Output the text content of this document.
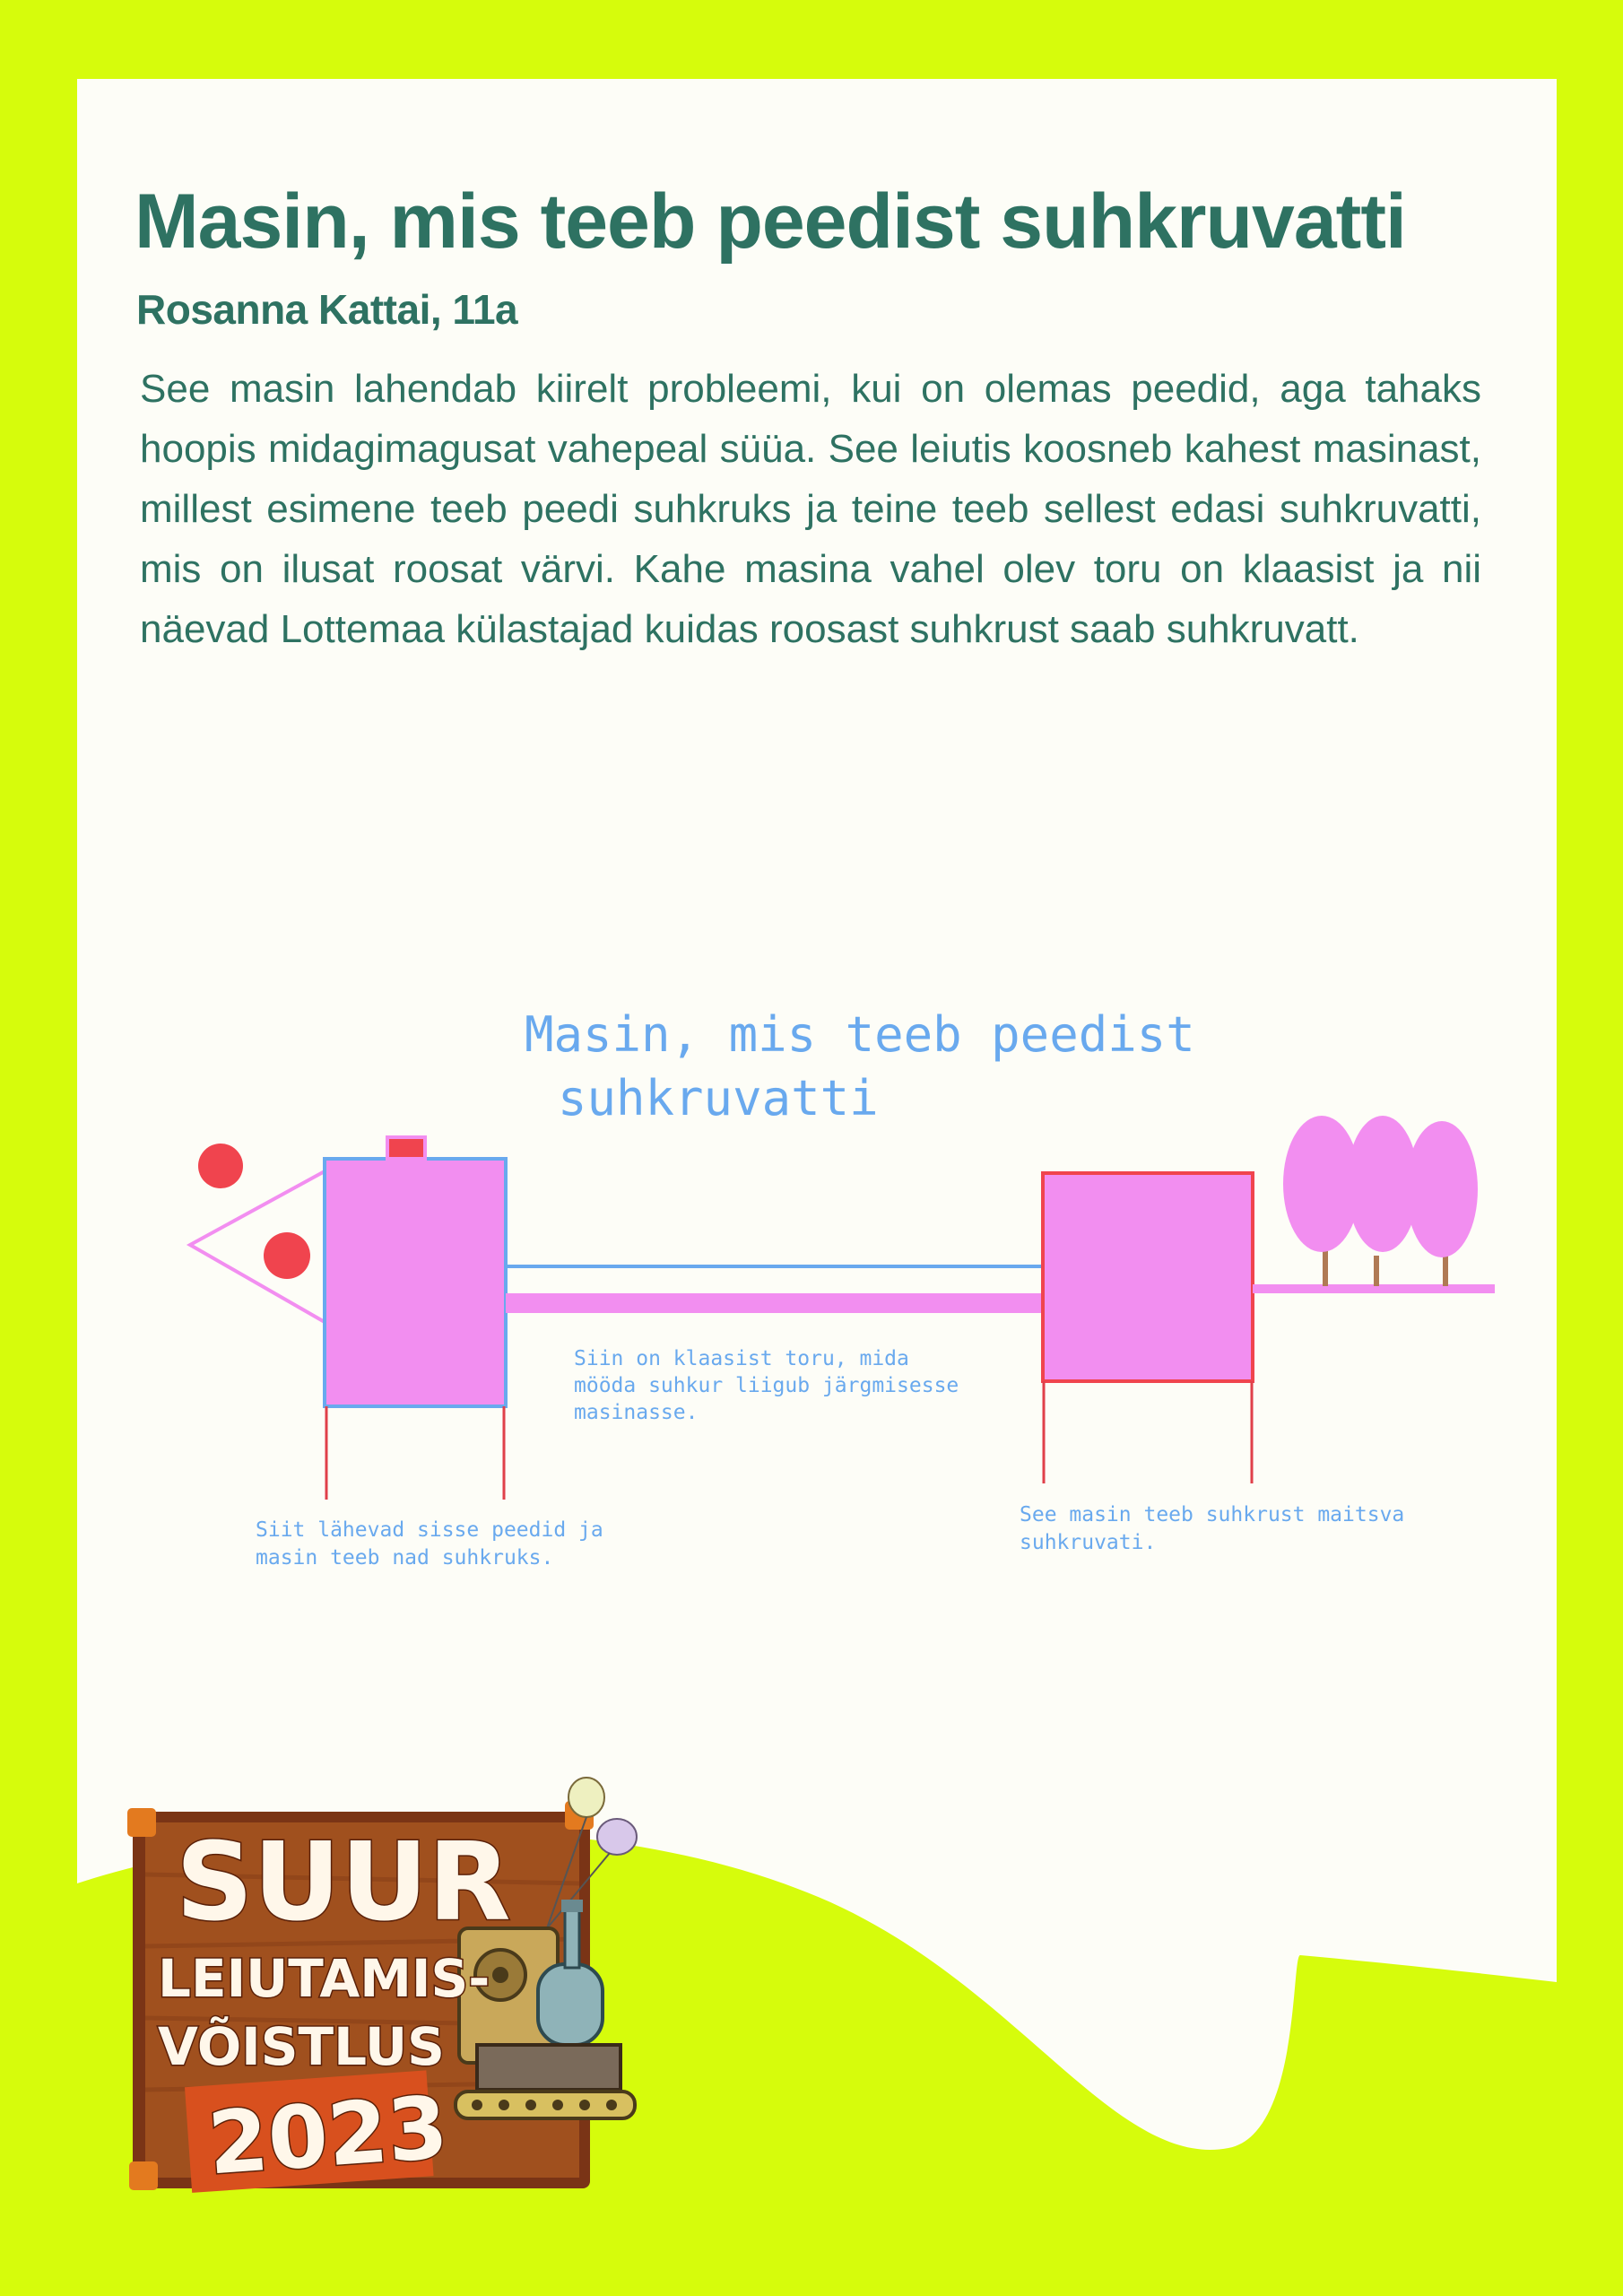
Masin, mis teeb peedist suhkruvatti
Rosanna Kattai, 11a

See masin lahendab kiirelt probleemi, kui on olemas peedid, aga tahaks hoopis midagimagusat vahepeal süüa. See leiutis koosneb kahest masinast, millest esimene teeb peedi suhkruks ja teine teeb sellest edasi suhkruvatti, mis on ilusat roosat värvi. Kahe masina vahel olev toru on klaasist ja nii näevad Lottemaa külastajad kuidas roosast suhkrust saab suhkruvatt.

Masin, mis teeb peedist
suhkruvatti
Siin on klaasist toru, mida mööda suhkur liigub järgmisesse masinasse.
Siit lähevad sisse peedid ja masin teeb nad suhkruks.
See masin teeb suhkrust maitsva suhkruvati.
SUUR
LEIUTAMIS-
VÕISTLUS
2023
